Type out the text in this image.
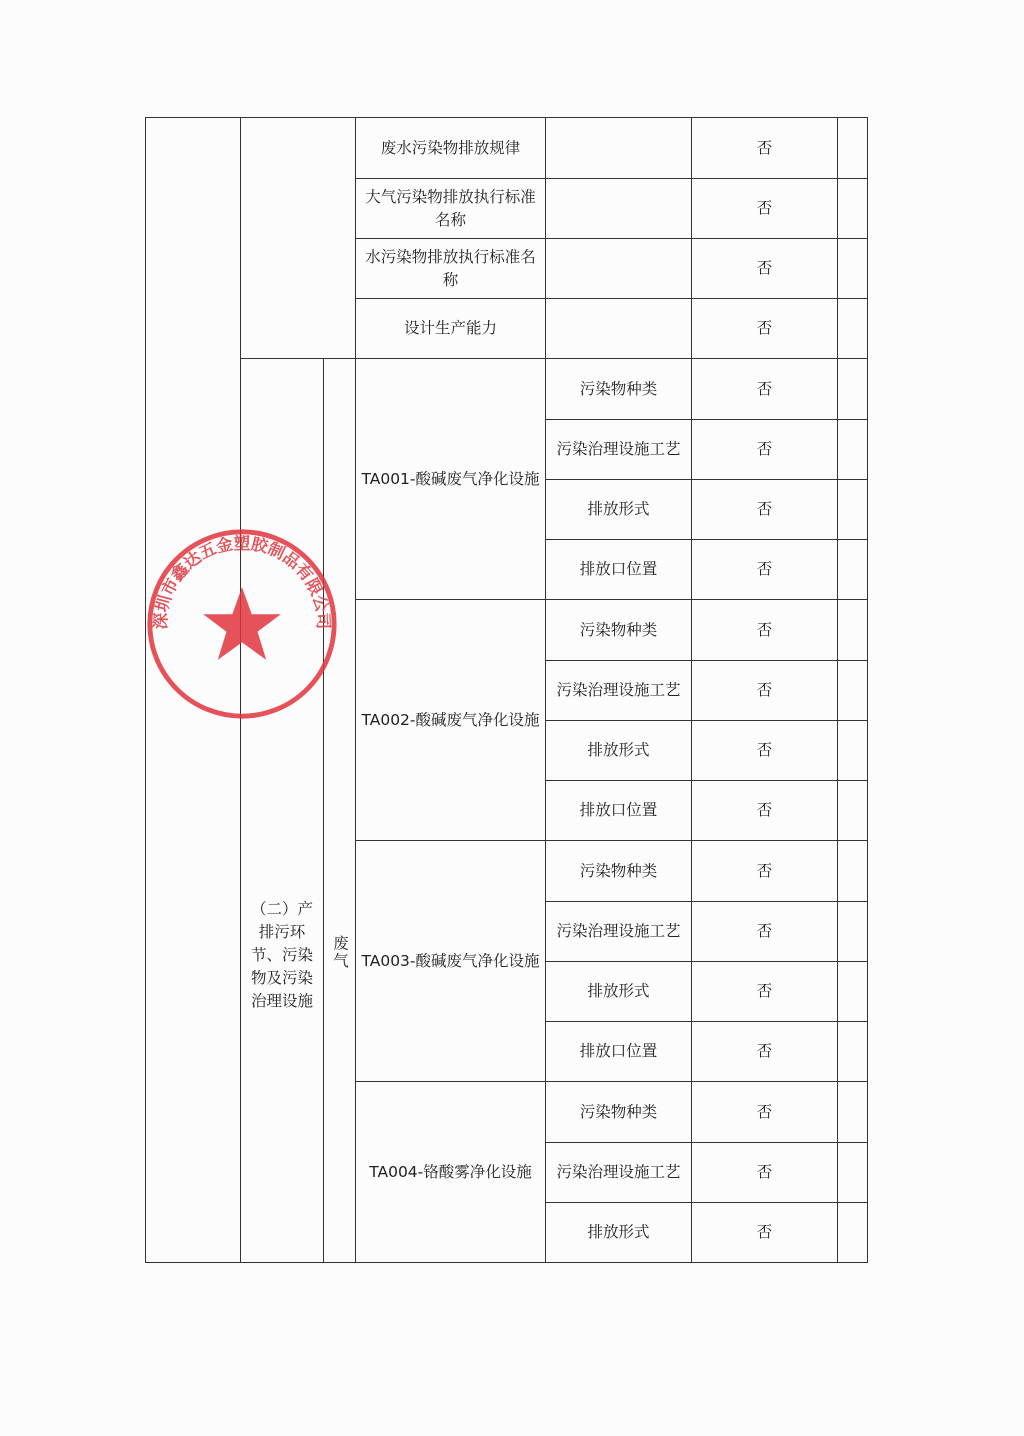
			废水污染物排放规律		否	
			大气污染物排放执行标准名称		否	
			水污染物排放执行标准名称		否	
			设计生产能力		否	

	（二）产排污环节、污染物及污染治理设施	废气	TA001-酸碱废气净化设施	污染物种类	否	
				污染治理设施工艺	否	
				排放形式	否	
				排放口位置	否	
			TA002-酸碱废气净化设施	污染物种类	否	
				污染治理设施工艺	否	
				排放形式	否	
				排放口位置	否	
			TA003-酸碱废气净化设施	污染物种类	否	
				污染治理设施工艺	否	
				排放形式	否	
				排放口位置	否	
			TA004-铬酸雾净化设施	污染物种类	否	
				污染治理设施工艺	否	
				排放形式	否	
深圳市鑫达五金塑胶制品有限公司
